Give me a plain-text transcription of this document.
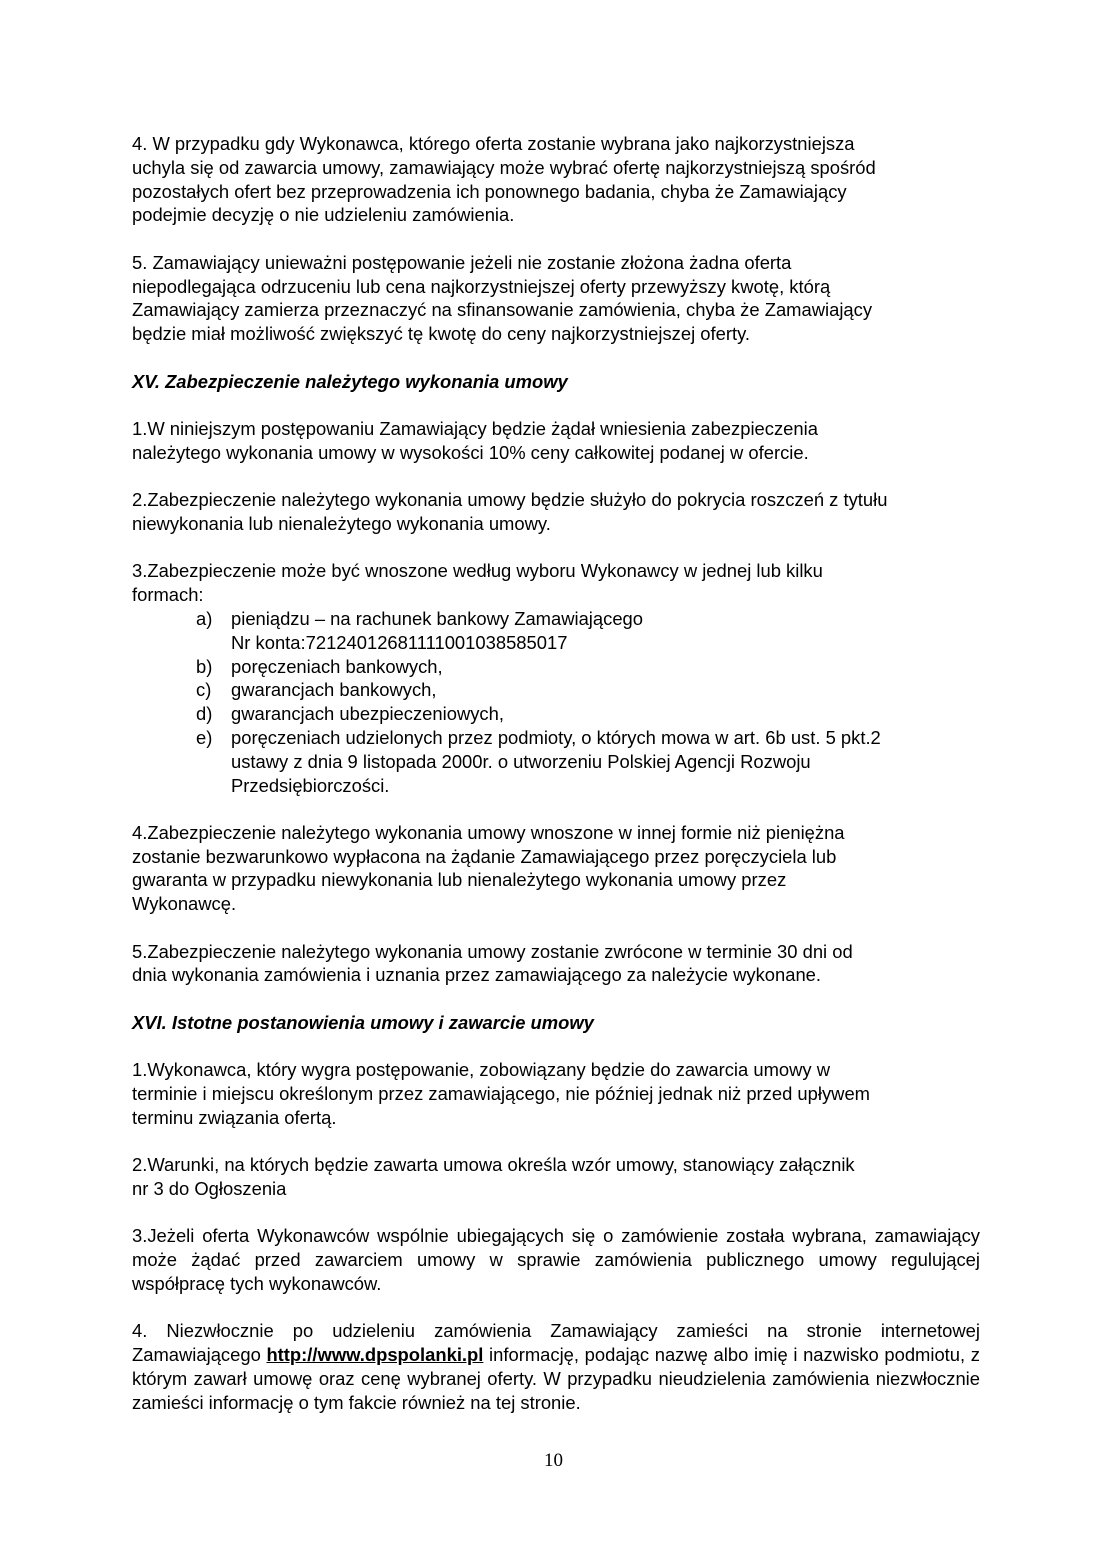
4. W przypadku gdy Wykonawca, którego oferta zostanie wybrana jako najkorzystniejsza
uchyla się od zawarcia umowy, zamawiający może wybrać ofertę najkorzystniejszą spośród
pozostałych ofert bez przeprowadzenia ich ponownego badania, chyba że Zamawiający
podejmie decyzję o nie udzieleniu zamówienia.

5. Zamawiający unieważni postępowanie jeżeli nie zostanie złożona żadna oferta
niepodlegająca odrzuceniu lub cena najkorzystniejszej oferty przewyższy kwotę, którą
Zamawiający zamierza przeznaczyć na sfinansowanie zamówienia, chyba że Zamawiający
będzie miał możliwość zwiększyć tę kwotę do ceny najkorzystniejszej oferty.

XV. Zabezpieczenie należytego wykonania umowy

1.W niniejszym postępowaniu Zamawiający będzie żądał wniesienia zabezpieczenia
należytego wykonania umowy w wysokości 10% ceny całkowitej podanej w ofercie.

2.Zabezpieczenie należytego wykonania umowy będzie służyło do pokrycia roszczeń z tytułu
niewykonania lub nienależytego wykonania umowy.

3.Zabezpieczenie może być wnoszone według wyboru Wykonawcy w jednej lub kilku
formach:

a) pieniądzu – na rachunek bankowy Zamawiającego
Nr konta:72124012681111001038585017
b) poręczeniach bankowych,
c) gwarancjach bankowych,
d) gwarancjach ubezpieczeniowych,
e) poręczeniach udzielonych przez podmioty, o których mowa w art. 6b ust. 5 pkt.2
ustawy z dnia 9 listopada 2000r. o utworzeniu Polskiej Agencji Rozwoju
Przedsiębiorczości.

4.Zabezpieczenie należytego wykonania umowy wnoszone w innej formie niż pieniężna
zostanie bezwarunkowo wypłacona na żądanie Zamawiającego przez poręczyciela lub
gwaranta w przypadku niewykonania lub nienależytego wykonania umowy przez
Wykonawcę.

5.Zabezpieczenie należytego wykonania umowy zostanie zwrócone w terminie 30 dni od
dnia wykonania zamówienia i uznania przez zamawiającego za należycie wykonane.

XVI. Istotne postanowienia umowy i zawarcie umowy

1.Wykonawca, który wygra postępowanie, zobowiązany będzie do zawarcia umowy w
terminie i miejscu określonym przez zamawiającego, nie później jednak niż przed upływem
terminu związania ofertą.

2.Warunki, na których będzie zawarta umowa określa wzór umowy, stanowiący załącznik
nr 3 do Ogłoszenia

3.Jeżeli oferta Wykonawców wspólnie ubiegających się o zamówienie została wybrana, zamawiający może żądać przed zawarciem umowy w sprawie zamówienia publicznego umowy regulującej współpracę tych wykonawców.

4. Niezwłocznie po udzieleniu zamówienia Zamawiający zamieści na stronie internetowej Zamawiającego http://www.dpspolanki.pl informację, podając nazwę albo imię i nazwisko podmiotu, z którym zawarł umowę oraz cenę wybranej oferty. W przypadku nieudzielenia zamówienia niezwłocznie zamieści informację o tym fakcie również na tej stronie.

10
